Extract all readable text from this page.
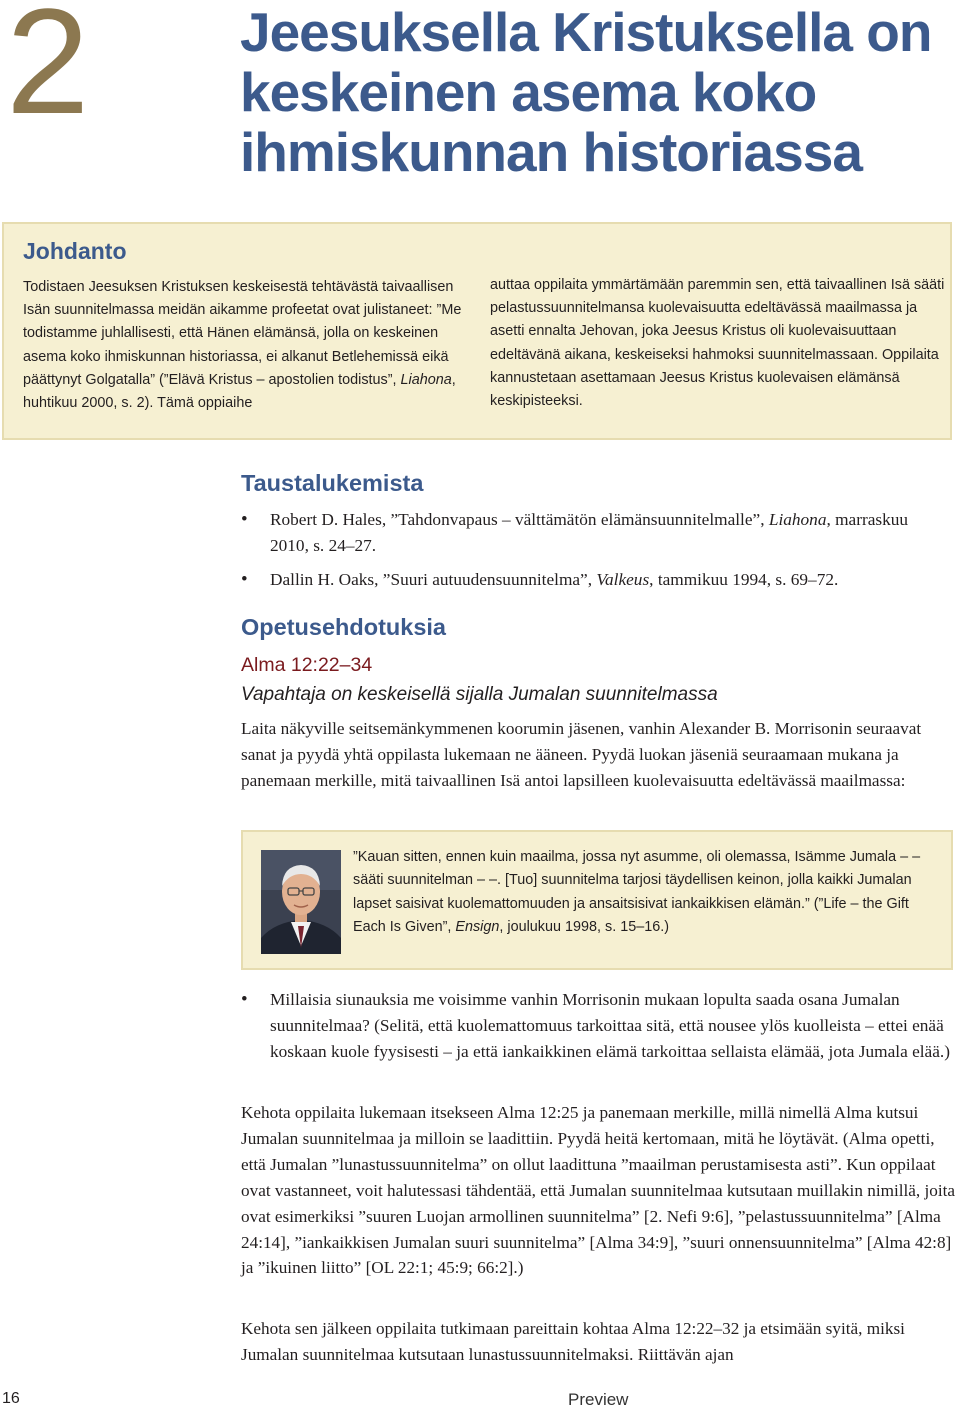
2	Jeesuksella Kristuksella on keskeinen asema koko ihmiskunnan historiassa
Johdanto

Todistaen Jeesuksen Kristuksen keskeisestä tehtävästä taivaallisen Isän suunnitelmassa meidän aikamme profeetat ovat julistaneet: ”Me todistamme juhlallisesti, että Hänen elämänsä, jolla on keskeinen asema koko ihmiskunnan historiassa, ei alkanut Betlehemissä eikä päättynyt Golgatalla” (”Elävä Kristus – apostolien todistus”, Liahona, huhtikuu 2000, s. 2). Tämä oppiaihe

auttaa oppilaita ymmärtämään paremmin sen, että taivaallinen Isä sääti pelastussuunnitelmansa kuolevaisuutta edeltävässä maailmassa ja asetti ennalta Jehovan, joka Jeesus Kristus oli kuolevaisuuttaan edeltävänä aikana, keskeiseksi hahmoksi suunnitelmassaan. Oppilaita kannustetaan asettamaan Jeesus Kristus kuolevaisen elämänsä keskipisteeksi.

Taustalukemista
• Robert D. Hales, ”Tahdonvapaus – välttämätön elämänsuunnitelmalle”, Liahona, marraskuu 2010, s. 24–27.
• Dallin H. Oaks, ”Suuri autuudensuunnitelma”, Valkeus, tammikuu 1994, s. 69–72.
Opetusehdotuksia
Alma 12:22–34
Vapahtaja on keskeisellä sijalla Jumalan suunnitelmassa

Laita näkyville seitsemänkymmenen koorumin jäsenen, vanhin Alexander B. Morrisonin seuraavat sanat ja pyydä yhtä oppilasta lukemaan ne ääneen. Pyydä luokan jäseniä seuraamaan mukana ja panemaan merkille, mitä taivaallinen Isä antoi lapsilleen kuolevaisuutta edeltävässä maailmassa:

”Kauan sitten, ennen kuin maailma, jossa nyt asumme, oli olemassa, Isämme Jumala – – sääti suunnitelman – –. [Tuo] suunnitelma tarjosi täydellisen keinon, jolla kaikki Jumalan lapset saisivat kuolemattomuuden ja ansaitsisivat iankaikkisen elämän.” (”Life – the Gift Each Is Given”, Ensign, joulukuu 1998, s. 15–16.)

• Millaisia siunauksia me voisimme vanhin Morrisonin mukaan lopulta saada osana Jumalan suunnitelmaa? (Selitä, että kuolemattomuus tarkoittaa sitä, että nousee ylös kuolleista – ettei enää koskaan kuole fyysisesti – ja että iankaikkinen elämä tarkoittaa sellaista elämää, jota Jumala elää.)

Kehota oppilaita lukemaan itsekseen Alma 12:25 ja panemaan merkille, millä nimellä Alma kutsui Jumalan suunnitelmaa ja milloin se laadittiin. Pyydä heitä kertomaan, mitä he löytävät. (Alma opetti, että Jumalan ”lunastussuunnitelma” on ollut laadittuna ”maailman perustamisesta asti”. Kun oppilaat ovat vastanneet, voit halutessasi tähdentää, että Jumalan suunnitelmaa kutsutaan muillakin nimillä, joita ovat esimerkiksi ”suuren Luojan armollinen suunnitelma” [2. Nefi 9:6], ”pelastussuunnitelma” [Alma 24:14], ”iankaikkisen Jumalan suuri suunnitelma” [Alma 34:9], ”suuri onnensuunnitelma” [Alma 42:8] ja ”ikuinen liitto” [OL 22:1; 45:9; 66:2].)

Kehota sen jälkeen oppilaita tutkimaan pareittain kohtaa Alma 12:22–32 ja etsimään syitä, miksi Jumalan suunnitelmaa kutsutaan lunastussuunnitelmaksi. Riittävän ajan

16	Preview
